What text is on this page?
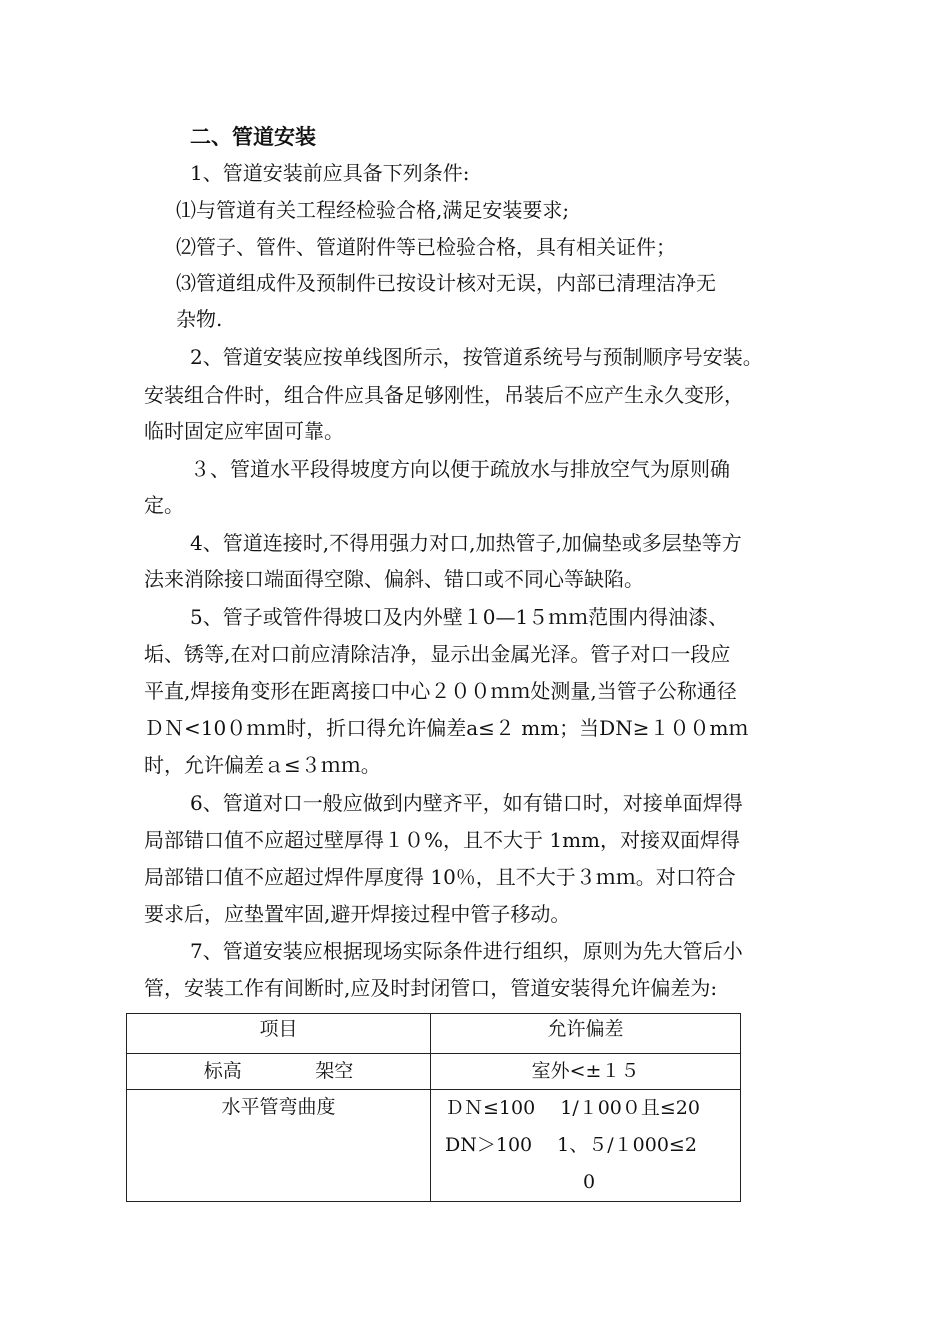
二、管道安装
1、管道安装前应具备下列条件:
⑴与管道有关工程经检验合格,满足安装要求;
⑵管子、管件、管道附件等已检验合格，具有相关证件；
⑶管道组成件及预制件已按设计核对无误，内部已清理洁净无
杂物.
2、管道安装应按单线图所示，按管道系统号与预制顺序号安装。
安装组合件时，组合件应具备足够刚性，吊装后不应产生永久变形，
临时固定应牢固可靠。
３、管道水平段得坡度方向以便于疏放水与排放空气为原则确
定。
4、管道连接时,不得用强力对口,加热管子,加偏垫或多层垫等方
法来消除接口端面得空隙、偏斜、错口或不同心等缺陷。
5、管子或管件得坡口及内外壁１0—1５ｍｍ范围内得油漆、
垢、锈等,在对口前应清除洁净，显示出金属光泽。管子对口一段应
平直,焊接角变形在距离接口中心２００ｍｍ处测量,当管子公称通径
ＤＮ<10０ｍｍ时，折口得允许偏差a≤２ mm；当DN≥１００mｍ
时，允许偏差ａ≤３ｍｍ。
6、管道对口一般应做到内壁齐平，如有错口时，对接单面焊得
局部错口值不应超过壁厚得１０%，且不大于 1mm，对接双面焊得
局部错口值不应超过焊件厚度得 10％，且不大于３ｍｍ。对口符合
要求后，应垫置牢固,避开焊接过程中管子移动。
7、管道安装应根据现场实际条件进行组织，原则为先大管后小
管，安装工作有间断时,应及时封闭管口，管道安装得允许偏差为:
项目	允许偏差

标高 架空	室外<±１５
水平管弯曲度	ＤＮ≤100　 1/１00０且≤20
DN＞100　 1、５/１000≤2
0
